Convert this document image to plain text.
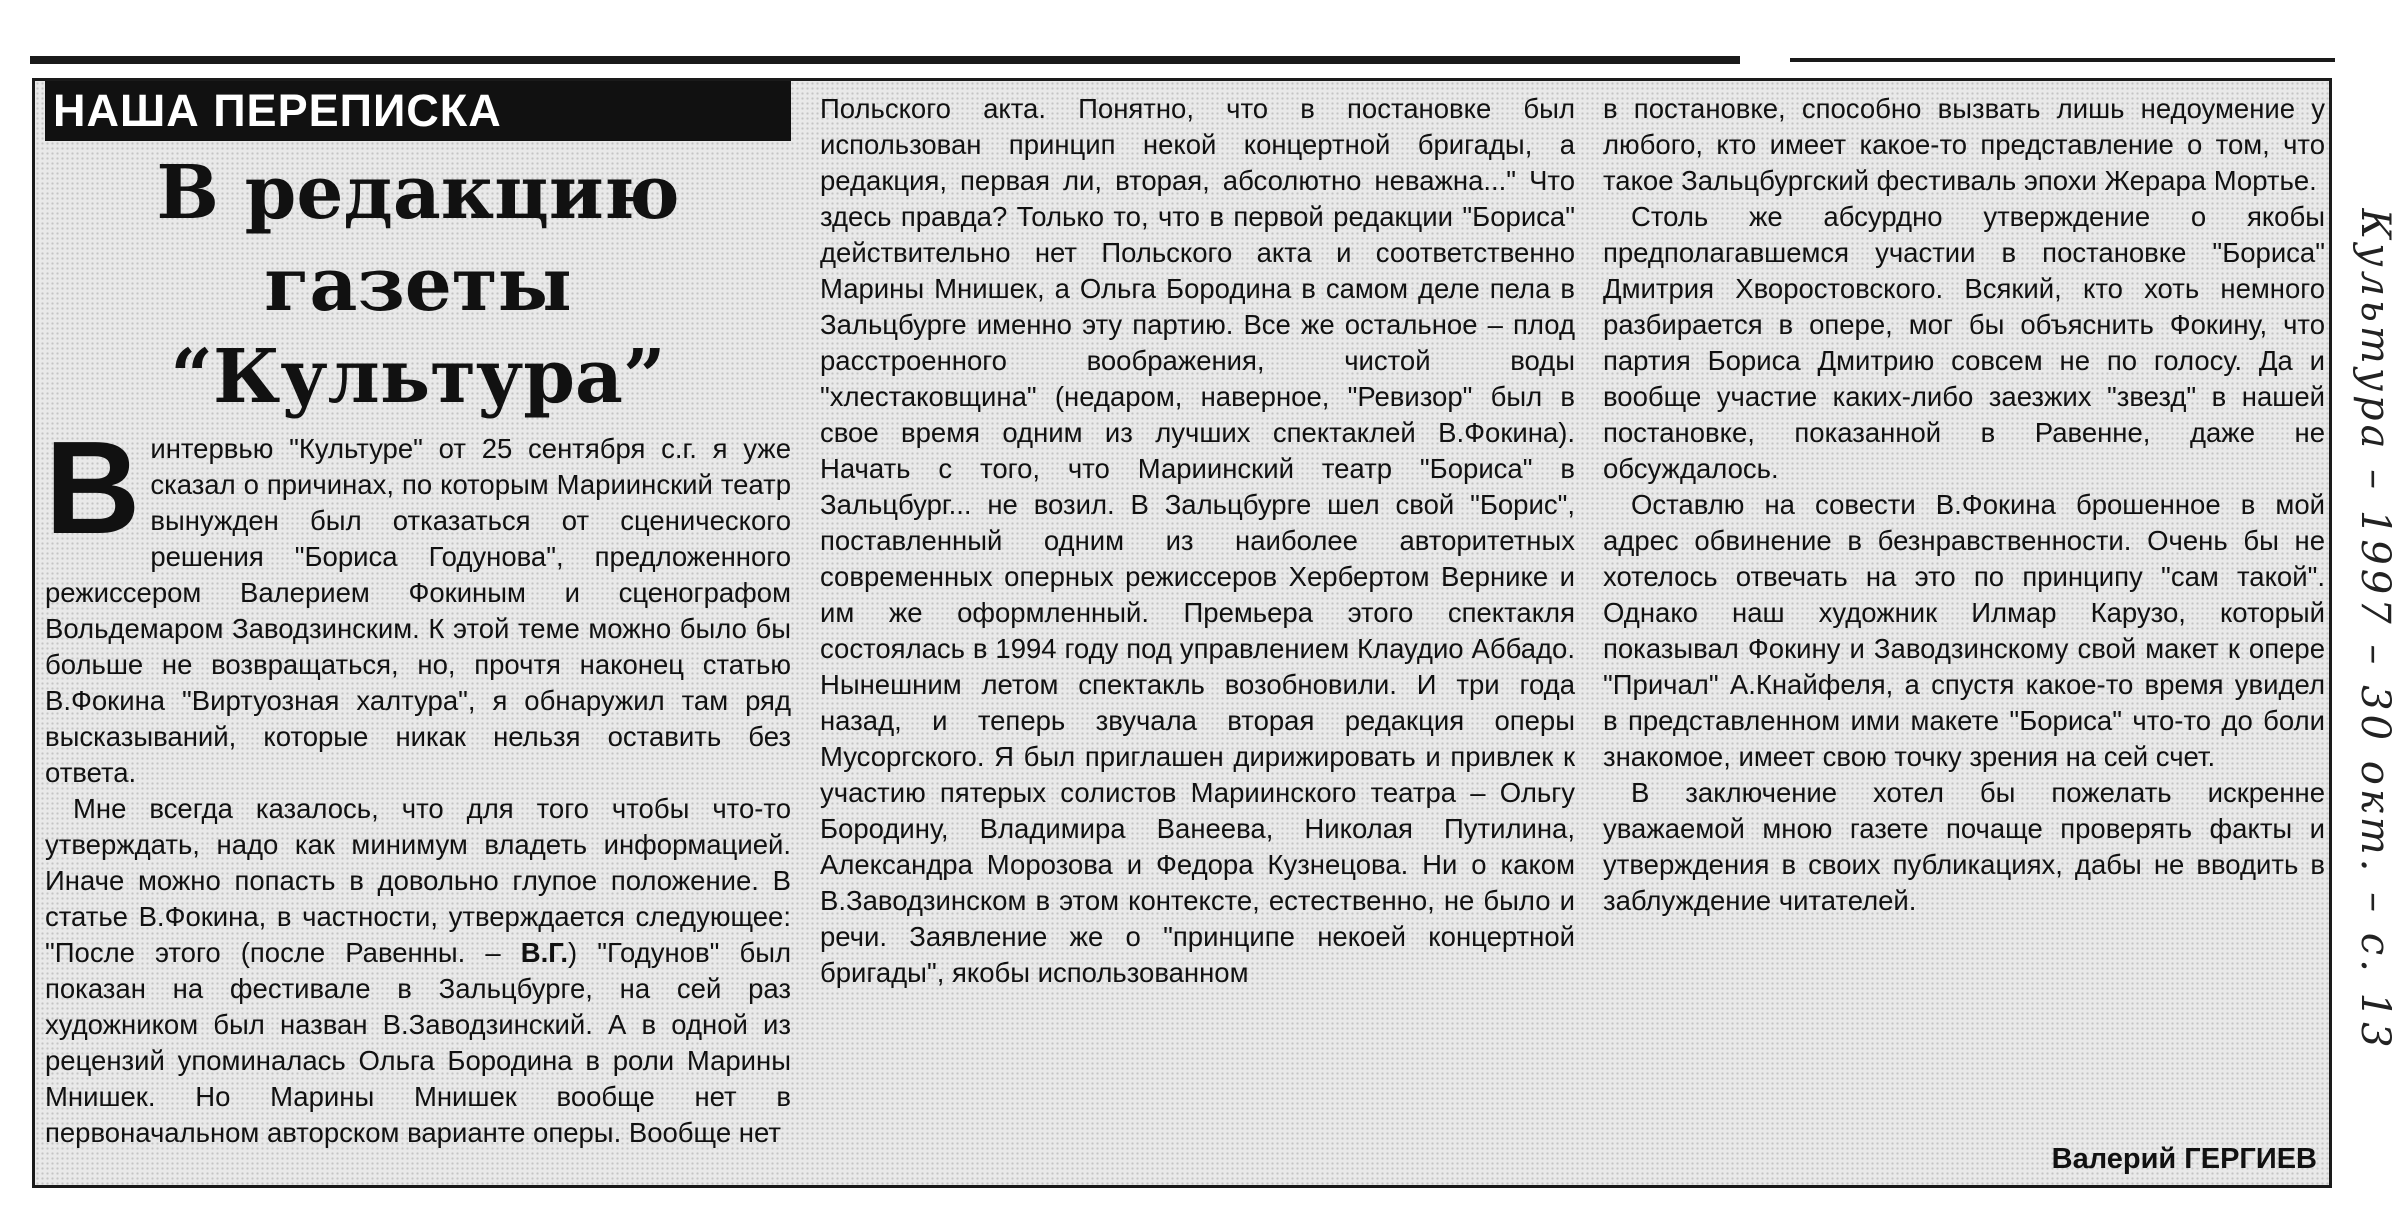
НАША ПЕРЕПИСКА
В редакцию
газеты “Культура”

Винтервью "Культуре" от 25 сентября с.г. я уже сказал о причинах, по которым Мариинский театр вынужден был отказаться от сценического решения "Бориса Годунова", предложенного режиссером Валерием Фокиным и сценографом Вольдемаром Заводзинским. К этой теме можно было бы больше не возвращаться, но, прочтя наконец статью В.Фокина "Виртуозная халтура", я обнаружил там ряд высказываний, которые никак нельзя оставить без ответа.

Мне всегда казалось, что для того чтобы что-то утверждать, надо как минимум владеть информацией. Иначе можно попасть в довольно глупое положение. В статье В.Фокина, в частности, утверждается следующее: "После этого (после Равенны. – В.Г.) "Годунов" был показан на фестивале в Зальцбурге, на сей раз художником был назван В.Заводзинский. А в одной из рецензий упоминалась Ольга Бородина в роли Марины Мнишек. Но Марины Мнишек вообще нет в первоначальном авторском варианте оперы. Вообще нет

Польского акта. Понятно, что в постановке был использован принцип некой концертной бригады, а редакция, первая ли, вторая, абсолютно неважна..." Что здесь правда? Только то, что в первой редакции "Бориса" действительно нет Польского акта и соответственно Марины Мнишек, а Ольга Бородина в самом деле пела в Зальцбурге именно эту партию. Все же остальное – плод расстроенного воображения, чистой воды "хлестаковщина" (недаром, наверное, "Ревизор" был в свое время одним из лучших спектаклей В.Фокина). Начать с того, что Мариинский театр "Бориса" в Зальцбург... не возил. В Зальцбурге шел свой "Борис", поставленный одним из наиболее авторитетных современных оперных режиссеров Хербертом Вернике и им же оформленный. Премьера этого спектакля состоялась в 1994 году под управлением Клаудио Аббадо. Нынешним летом спектакль возобновили. И три года назад, и теперь звучала вторая редакция оперы Мусоргского. Я был приглашен дирижировать и привлек к участию пятерых солистов Мариинского театра – Ольгу Бородину, Владимира Ванеева, Николая Путилина, Александра Морозова и Федора Кузнецова. Ни о каком В.Заводзинском в этом контексте, естественно, не было и речи. Заявление же о "принципе некоей концертной бригады", якобы использованном

в постановке, способно вызвать лишь недоумение у любого, кто имеет какое-то представление о том, что такое Зальцбургский фестиваль эпохи Жерара Мортье.

Столь же абсурдно утверждение о якобы предполагавшемся участии в постановке "Бориса" Дмитрия Хворостовского. Всякий, кто хоть немного разбирается в опере, мог бы объяснить Фокину, что партия Бориса Дмитрию совсем не по голосу. Да и вообще участие каких-либо заезжих "звезд" в нашей постановке, показанной в Равенне, даже не обсуждалось.

Оставлю на совести В.Фокина брошенное в мой адрес обвинение в безнравственности. Очень бы не хотелось отвечать на это по принципу "сам такой". Однако наш художник Илмар Карузо, который показывал Фокину и Заводзинскому свой макет к опере "Причал" А.Кнайфеля, а спустя какое-то время увидел в представленном ими макете "Бориса" что-то до боли знакомое, имеет свою точку зрения на сей счет.

В заключение хотел бы пожелать искренне уважаемой мною газете почаще проверять факты и утверждения в своих публикациях, дабы не вводить в заблуждение читателей.

Валерий ГЕРГИЕВ
Культура – 1997 – 30 окт. – с. 13
